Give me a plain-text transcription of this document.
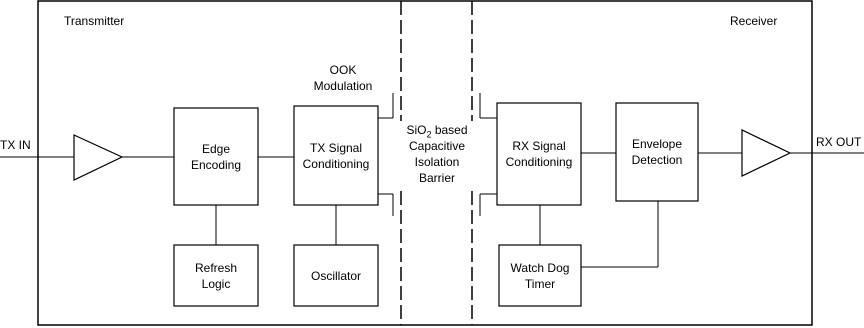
Transmitter	Receiver
TX IN	RX OUT
OOK
Modulation
Edge
Encoding
TX Signal
Conditioning
Refresh
Logic
Oscillator
RX Signal
Conditioning
Envelope
Detection
Watch Dog
Timer
SiO$_2$ based
Capacitive
Isolation
Barrier
